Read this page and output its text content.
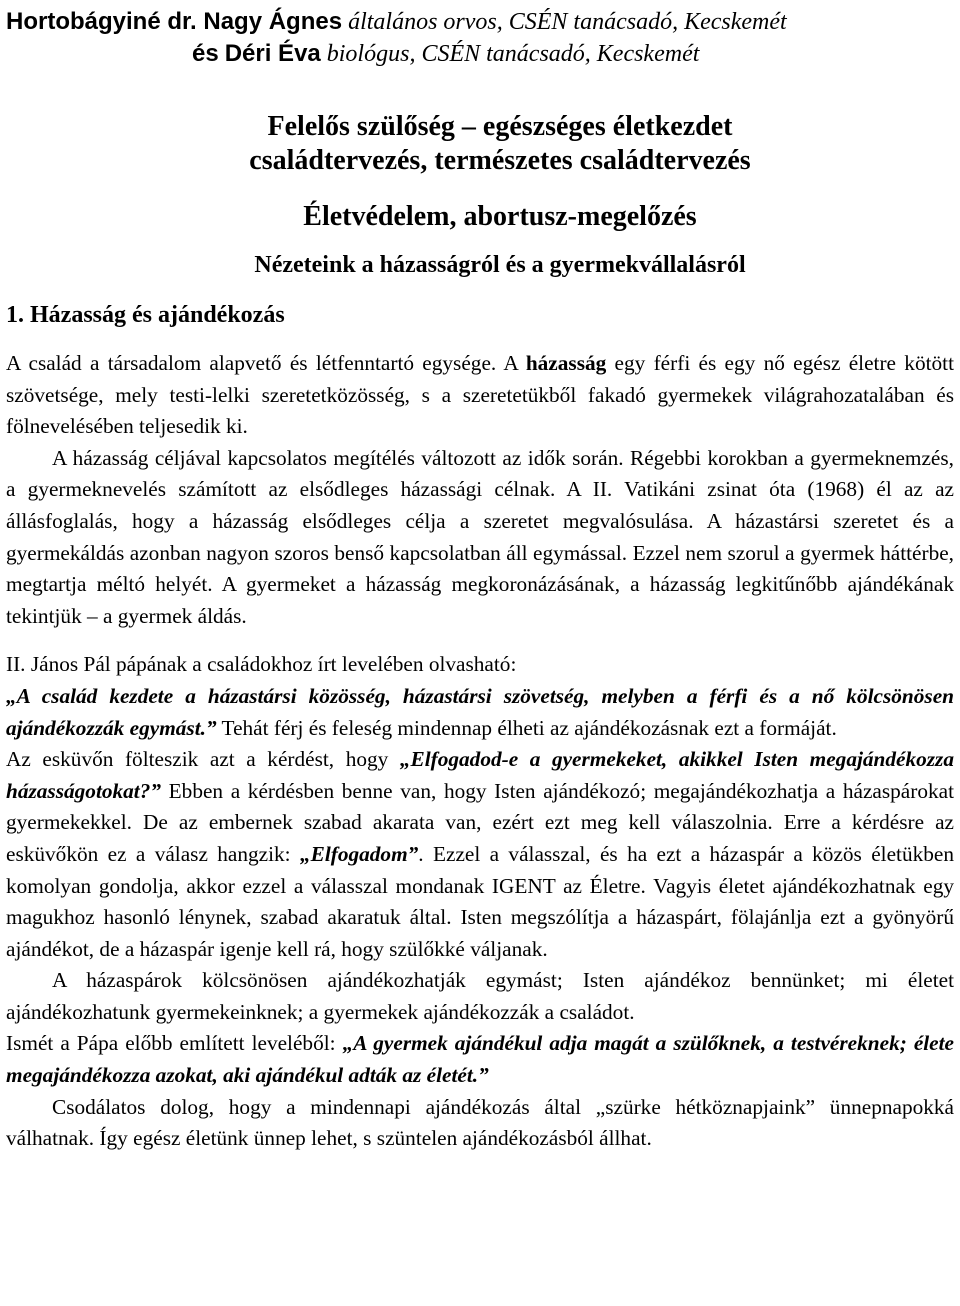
Hortobágyiné dr. Nagy Ágnes általános orvos, CSÉN tanácsadó, Kecskemét
és Déri Éva biológus, CSÉN tanácsadó, Kecskemét
Felelős szülőség – egészséges életkezdet
családtervezés, természetes családtervezés
Életvédelem, abortusz-megelőzés
Nézeteink a házasságról és a gyermekvállalásról
1. Házasság és ajándékozás

A család a társadalom alapvető és létfenntartó egysége. A házasság egy férfi és egy nő egész életre kötött szövetsége, mely testi-lelki szeretetközösség, s a szeretetükből fakadó gyermekek világrahozatalában és fölnevelésében teljesedik ki.

A házasság céljával kapcsolatos megítélés változott az idők során. Régebbi korokban a gyermeknemzés, a gyermeknevelés számított az elsődleges házassági célnak. A II. Vatikáni zsinat óta (1968) él az az állásfoglalás, hogy a házasság elsődleges célja a szeretet megvalósulása. A házastársi szeretet és a gyermekáldás azonban nagyon szoros benső kapcsolatban áll egymással. Ezzel nem szorul a gyermek háttérbe, megtartja méltó helyét. A gyermeket a házasság megkoronázásának, a házasság legkitűnőbb ajándékának tekintjük – a gyermek áldás.

II. János Pál pápának a családokhoz írt levelében olvasható:

„A család kezdete a házastársi közösség, házastársi szövetség, melyben a férfi és a nő kölcsönösen ajándékozzák egymást.” Tehát férj és feleség mindennap élheti az ajándékozásnak ezt a formáját.

Az esküvőn fölteszik azt a kérdést, hogy „Elfogadod-e a gyermekeket, akikkel Isten megajándékozza házasságotokat?” Ebben a kérdésben benne van, hogy Isten ajándékozó; megajándékozhatja a házaspárokat gyermekekkel. De az embernek szabad akarata van, ezért ezt meg kell válaszolnia. Erre a kérdésre az esküvőkön ez a válasz hangzik: „Elfogadom”. Ezzel a válasszal, és ha ezt a házaspár a közös életükben komolyan gondolja, akkor ezzel a válasszal mondanak IGENT az Életre. Vagyis életet ajándékozhatnak egy magukhoz hasonló lénynek, szabad akaratuk által. Isten megszólítja a házaspárt, fölajánlja ezt a gyönyörű ajándékot, de a házaspár igenje kell rá, hogy szülőkké váljanak.

A házaspárok kölcsönösen ajándékozhatják egymást; Isten ajándékoz bennünket; mi életet ajándékozhatunk gyermekeinknek; a gyermekek ajándékozzák a családot.

Ismét a Pápa előbb említett leveléből: „A gyermek ajándékul adja magát a szülőknek, a testvéreknek; élete megajándékozza azokat, aki ajándékul adták az életét.”

Csodálatos dolog, hogy a mindennapi ajándékozás által „szürke hétköznapjaink” ünnepnapokká válhatnak. Így egész életünk ünnep lehet, s szüntelen ajándékozásból állhat.
